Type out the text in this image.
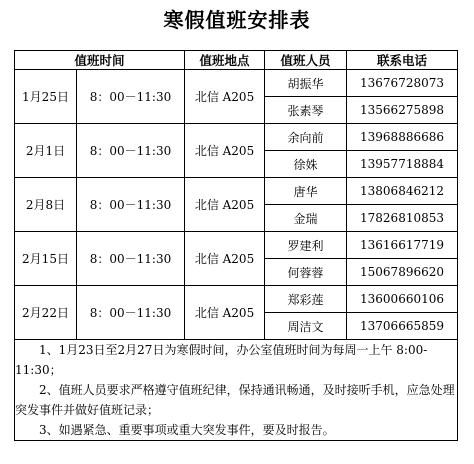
寒假值班安排表
值班时间		值班地点	值班人员	联系电话
1月25日	8：00－11:30	北信 A205	胡振华	13676728073
			张素琴	13566275898
2月1日	8：00－11:30	北信 A205	余向前	13968886686
			徐姝	13957718884
2月8日	8：00－11:30	北信 A205	唐华	13806846212
			金瑞	17826810853
2月15日	8：00－11:30	北信 A205	罗建利	13616617719
			何蓉蓉	15067896620
2月22日	8：00－11:30	北信 A205	郑彩莲	13600660106
			周洁文	13706665859

　　1、1月23日至2月27日为寒假时间，办公室值班时间为每周一上午 8:00-11:30；
　　2、值班人员要求严格遵守值班纪律，保持通讯畅通，及时接听手机，应急处理突发事件并做好值班记录；
　　3、如遇紧急、重要事项或重大突发事件，要及时报告。				
